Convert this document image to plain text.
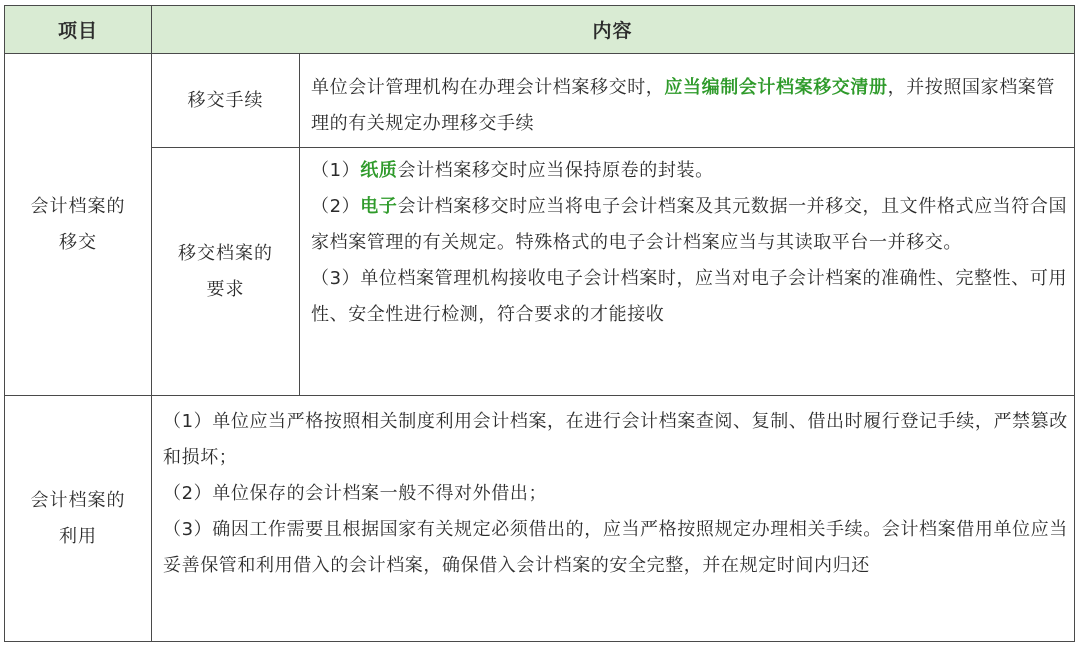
项目	内容
会计档案的
移交
移交手续

单位会计管理机构在办理会计档案移交时，应当编制会计档案移交清册，并按照国家档案管理的有关规定办理移交手续

移交档案的
要求

（1）纸质会计档案移交时应当保持原卷的封装。

（2）电子会计档案移交时应当将电子会计档案及其元数据一并移交，且文件格式应当符合国家档案管理的有关规定。特殊格式的电子会计档案应当与其读取平台一并移交。

（3）单位档案管理机构接收电子会计档案时，应当对电子会计档案的准确性、完整性、可用性、安全性进行检测，符合要求的才能接收

会计档案的
利用

（1）单位应当严格按照相关制度利用会计档案，在进行会计档案查阅、复制、借出时履行登记手续，严禁篡改和损坏；

（2）单位保存的会计档案一般不得对外借出；

（3）确因工作需要且根据国家有关规定必须借出的，应当严格按照规定办理相关手续。会计档案借用单位应当妥善保管和利用借入的会计档案，确保借入会计档案的安全完整，并在规定时间内归还
